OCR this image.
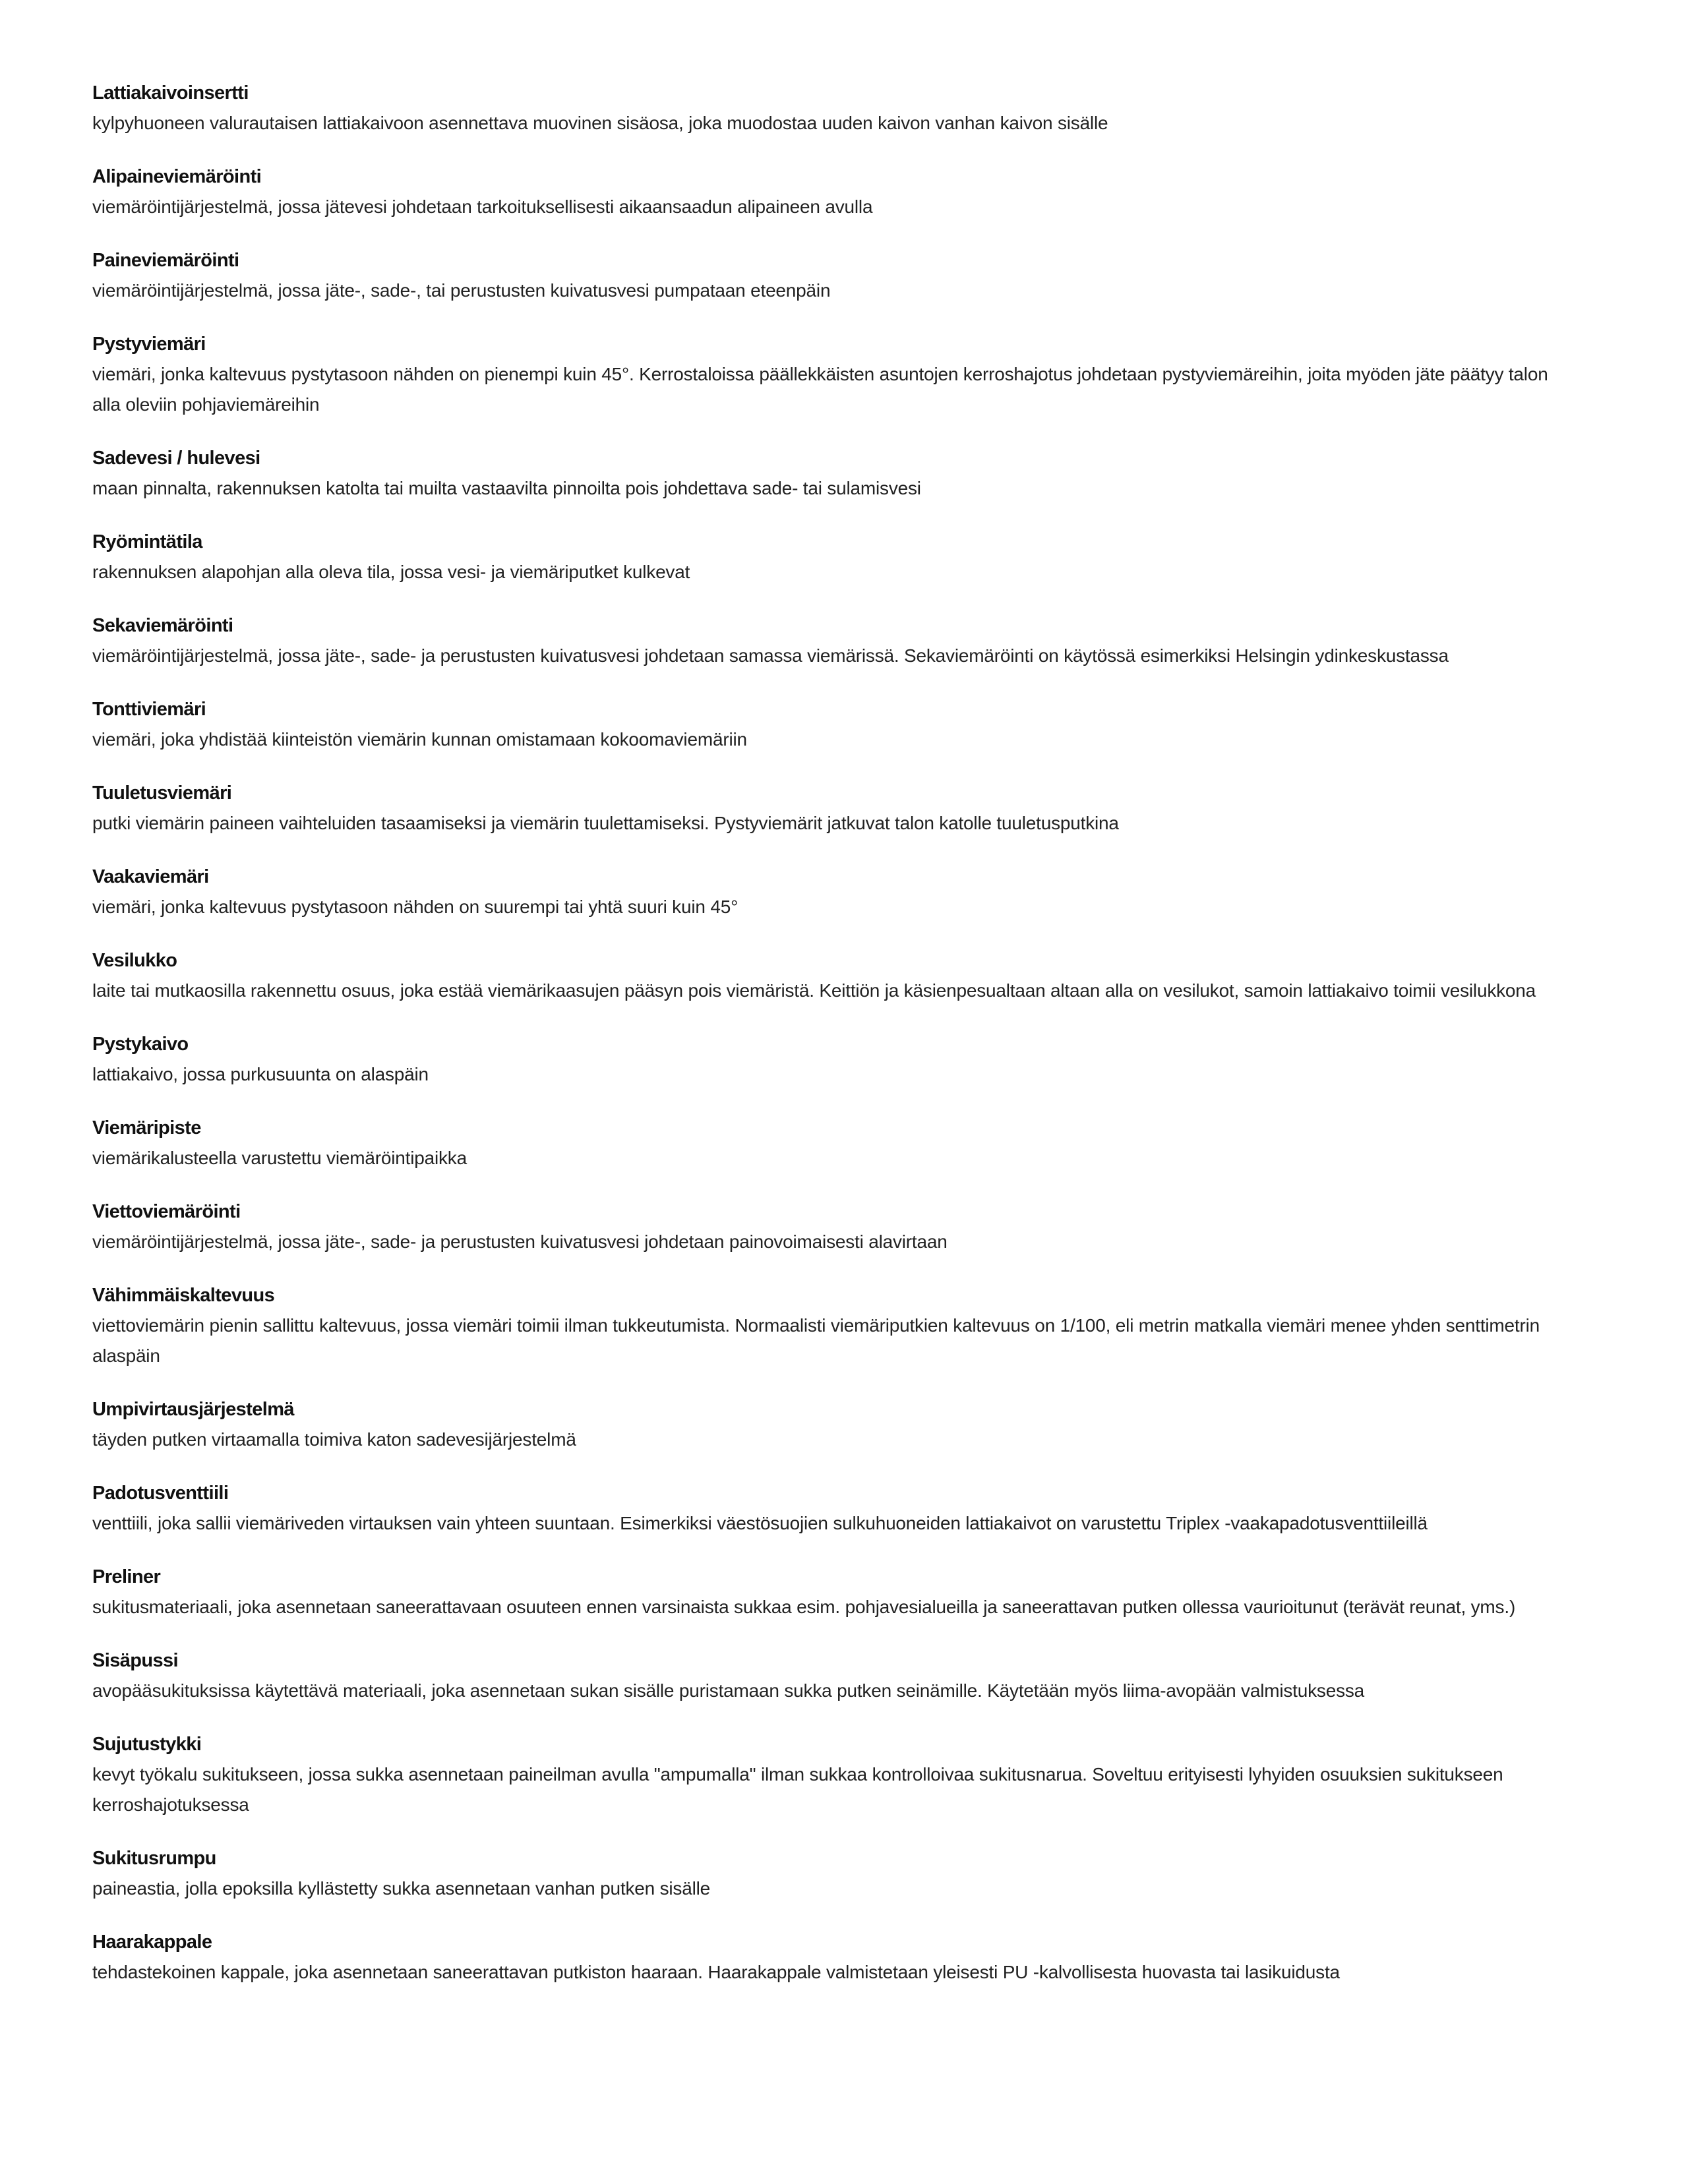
Lattiakaivoinsertti

kylpyhuoneen valurautaisen lattiakaivoon asennettava muovinen sisäosa, joka muodostaa uuden kaivon vanhan kaivon sisälle

Alipaineviemäröinti

viemäröintijärjestelmä, jossa jätevesi johdetaan tarkoituksellisesti aikaansaadun alipaineen avulla

Paineviemäröinti

viemäröintijärjestelmä, jossa jäte-, sade-, tai perustusten kuivatusvesi pumpataan eteenpäin

Pystyviemäri

viemäri, jonka kaltevuus pystytasoon nähden on pienempi kuin 45°. Kerrostaloissa päällekkäisten asuntojen kerroshajotus johdetaan pystyviemäreihin, joita myöden jäte päätyy talon alla oleviin pohjaviemäreihin

Sadevesi / hulevesi

maan pinnalta, rakennuksen katolta tai muilta vastaavilta pinnoilta pois johdettava sade- tai sulamisvesi

Ryömintätila

rakennuksen alapohjan alla oleva tila, jossa vesi- ja viemäriputket kulkevat

Sekaviemäröinti

viemäröintijärjestelmä, jossa jäte-, sade- ja perustusten kuivatusvesi johdetaan samassa viemärissä. Sekaviemäröinti on käytössä esimerkiksi Helsingin ydinkeskustassa

Tonttiviemäri

viemäri, joka yhdistää kiinteistön viemärin kunnan omistamaan kokoomaviemäriin

Tuuletusviemäri

putki viemärin paineen vaihteluiden tasaamiseksi ja viemärin tuulettamiseksi. Pystyviemärit jatkuvat talon katolle tuuletusputkina

Vaakaviemäri

viemäri, jonka kaltevuus pystytasoon nähden on suurempi tai yhtä suuri kuin 45°

Vesilukko

laite tai mutkaosilla rakennettu osuus, joka estää viemärikaasujen pääsyn pois viemäristä. Keittiön ja käsienpesualtaan altaan alla on vesilukot, samoin lattiakaivo toimii vesilukkona

Pystykaivo

lattiakaivo, jossa purkusuunta on alaspäin

Viemäripiste

viemärikalusteella varustettu viemäröintipaikka

Viettoviemäröinti

viemäröintijärjestelmä, jossa jäte-, sade- ja perustusten kuivatusvesi johdetaan painovoimaisesti alavirtaan

Vähimmäiskaltevuus

viettoviemärin pienin sallittu kaltevuus, jossa viemäri toimii ilman tukkeutumista. Normaalisti viemäriputkien kaltevuus on 1/100, eli metrin matkalla viemäri menee yhden senttimetrin alaspäin

Umpivirtausjärjestelmä

täyden putken virtaamalla toimiva katon sadevesijärjestelmä

Padotusventtiili

venttiili, joka sallii viemäriveden virtauksen vain yhteen suuntaan. Esimerkiksi väestösuojien sulkuhuoneiden lattiakaivot on varustettu Triplex -vaakapadotusventtiileillä

Preliner

sukitusmateriaali, joka asennetaan saneerattavaan osuuteen ennen varsinaista sukkaa esim. pohjavesialueilla ja saneerattavan putken ollessa vaurioitunut (terävät reunat, yms.)

Sisäpussi

avopääsukituksissa käytettävä materiaali, joka asennetaan sukan sisälle puristamaan sukka putken seinämille. Käytetään myös liima-avopään valmistuksessa

Sujutustykki

kevyt työkalu sukitukseen, jossa sukka asennetaan paineilman avulla "ampumalla" ilman sukkaa kontrolloivaa sukitusnarua. Soveltuu erityisesti lyhyiden osuuksien sukitukseen kerroshajotuksessa

Sukitusrumpu

paineastia, jolla epoksilla kyllästetty sukka asennetaan vanhan putken sisälle

Haarakappale

tehdastekoinen kappale, joka asennetaan saneerattavan putkiston haaraan. Haarakappale valmistetaan yleisesti PU -kalvollisesta huovasta tai lasikuidusta
